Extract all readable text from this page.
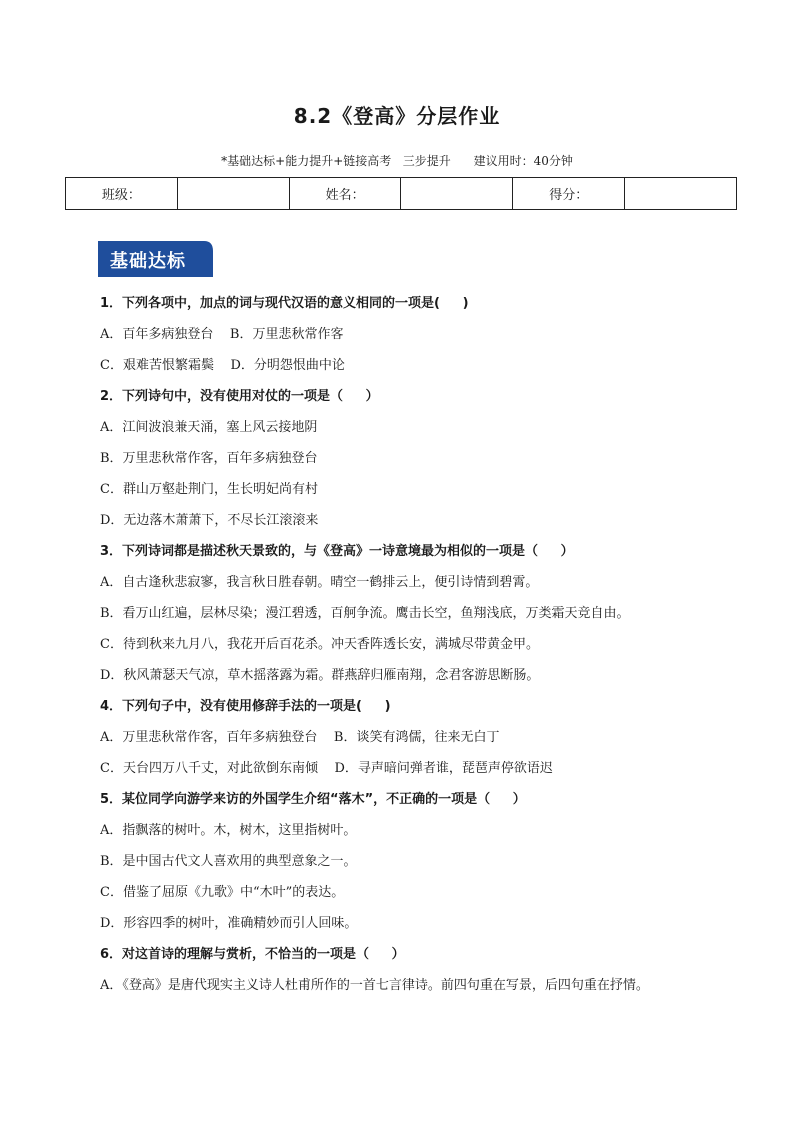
8.2《登高》分层作业
*基础达标+能力提升+链接高考   三步提升      建议用时：40分钟
班级：		姓名：		得分：	
基础达标
1．下列各项中，加点的词与现代汉语的意义相同的一项是(     )
A．百年多病独登台    B．万里悲秋常作客
C．艰难苦恨繁霜鬓    D．分明怨恨曲中论
2．下列诗句中，没有使用对仗的一项是（     ）
A．江间波浪兼天涌，塞上风云接地阴
B．万里悲秋常作客，百年多病独登台
C．群山万壑赴荆门，生长明妃尚有村
D．无边落木萧萧下，不尽长江滚滚来
3．下列诗词都是描述秋天景致的，与《登高》一诗意境最为相似的一项是（     ）
A．自古逢秋悲寂寥，我言秋日胜春朝。晴空一鹤排云上，便引诗情到碧霄。
B．看万山红遍，层林尽染；漫江碧透，百舸争流。鹰击长空，鱼翔浅底，万类霜天竞自由。
C．待到秋来九月八，我花开后百花杀。冲天香阵透长安，满城尽带黄金甲。
D．秋风萧瑟天气凉，草木摇落露为霜。群燕辞归雁南翔，念君客游思断肠。
4．下列句子中，没有使用修辞手法的一项是(     )
A．万里悲秋常作客，百年多病独登台    B．谈笑有鸿儒，往来无白丁
C．天台四万八千丈，对此欲倒东南倾    D．寻声暗问弹者谁，琵琶声停欲语迟
5．某位同学向游学来访的外国学生介绍“落木”，不正确的一项是（     ）
A．指飘落的树叶。木，树木，这里指树叶。
B．是中国古代文人喜欢用的典型意象之一。
C．借鉴了屈原《九歌》中“木叶”的表达。
D．形容四季的树叶，准确精妙而引人回味。
6．对这首诗的理解与赏析，不恰当的一项是（     ）
A．《登高》是唐代现实主义诗人杜甫所作的一首七言律诗。前四句重在写景，后四句重在抒情。
